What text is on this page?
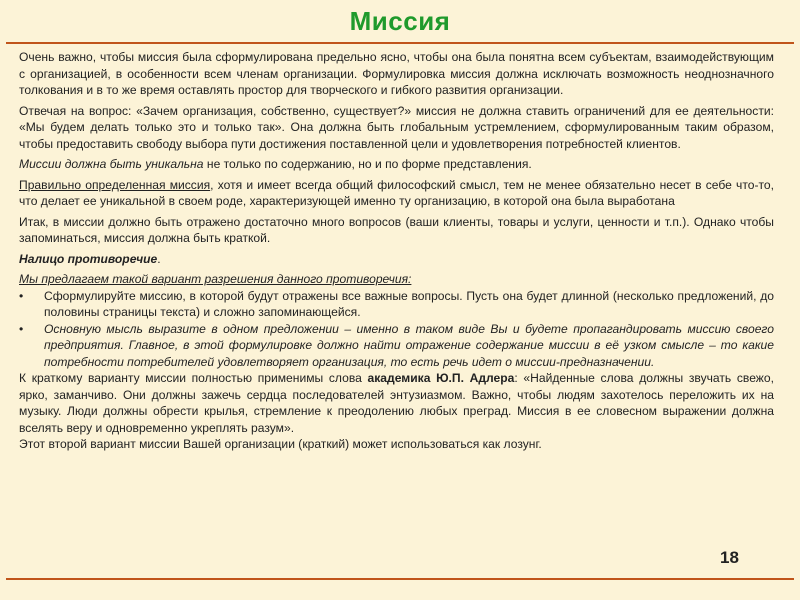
Миссия

Очень важно, чтобы миссия была сформулирована предельно ясно, чтобы она была понятна всем субъектам, взаимодействующим с организацией, в особенности всем членам организации. Формулировка миссия должна исключать возможность неоднозначного толкования и в то же время оставлять простор для творческого и гибкого развития организации.

Отвечая на вопрос: «Зачем организация, собственно, существует?» миссия не должна ставить ограничений для ее деятельности: «Мы будем делать только это и только так». Она должна быть глобальным устремлением, сформулированным таким образом, чтобы предоставить свободу выбора пути достижения поставленной цели и удовлетворения потребностей клиентов.

Миссии должна быть уникальна не только по содержанию, но и по форме представления.

Правильно определенная миссия, хотя и имеет всегда общий философский смысл, тем не менее обязательно несет в себе что-то, что делает ее уникальной в своем роде, характеризующей именно ту организацию, в которой она была выработана

Итак, в миссии должно быть отражено достаточно много вопросов (ваши клиенты, товары и услуги, ценности и т.п.). Однако чтобы запоминаться, миссия должна быть краткой.

Налицо противоречие.

Мы предлагаем такой вариант разрешения данного противоречия:

• Сформулируйте миссию, в которой будут отражены все важные вопросы. Пусть она будет длинной (несколько предложений, до половины страницы текста) и сложно запоминающейся.
• Основную мысль выразите в одном предложении – именно в таком виде Вы и будете пропагандировать миссию своего предприятия. Главное, в этой формулировке должно найти отражение содержание миссии в её узком смысле – то какие потребности потребителей удовлетворяет организация, то есть речь идет о миссии-предназначении.

К краткому варианту миссии полностью применимы слова академика Ю.П. Адлера: «Найденные слова должны звучать свежо, ярко, заманчиво. Они должны зажечь сердца последователей энтузиазмом. Важно, чтобы людям захотелось переложить их на музыку. Люди должны обрести крылья, стремление к преодолению любых преград. Миссия в ее словесном выражении должна вселять веру и одновременно укреплять разум».

Этот второй вариант миссии Вашей организации (краткий) может использоваться как лозунг.

18
